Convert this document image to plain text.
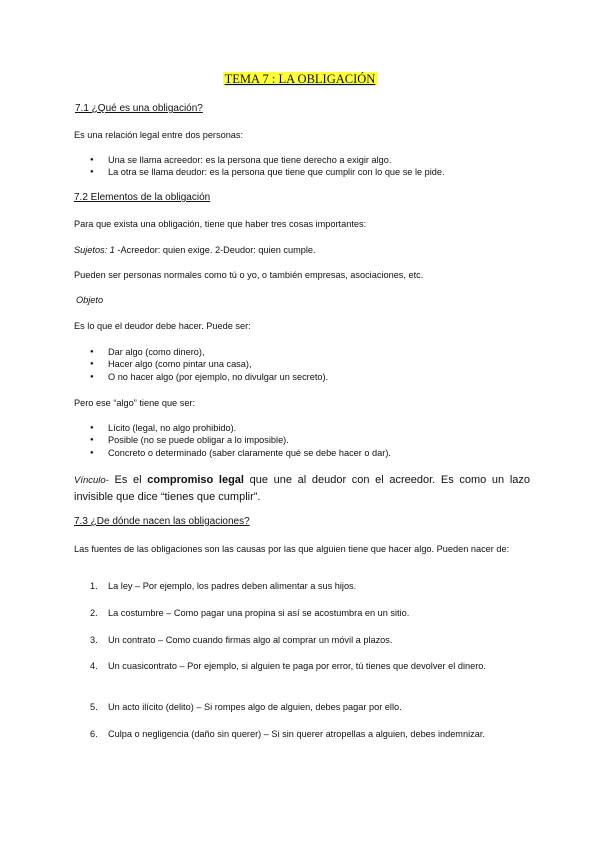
TEMA 7 : LA OBLIGACIÓN
7.1 ¿Qué es una obligación?
Es una relación legal entre dos personas:
● Una se llama acreedor: es la persona que tiene derecho a exigir algo.
● La otra se llama deudor: es la persona que tiene que cumplir con lo que se le pide.
7.2 Elementos de la obligación
Para que exista una obligación, tiene que haber tres cosas importantes:
Sujetos: 1 -Acreedor: quien exige. 2-Deudor: quien cumple.
Pueden ser personas normales como tú o yo, o también empresas, asociaciones, etc.
Objeto
Es lo que el deudor debe hacer. Puede ser:
● Dar algo (como dinero),
● Hacer algo (como pintar una casa),
● O no hacer algo (por ejemplo, no divulgar un secreto).
Pero ese “algo” tiene que ser:
● Lícito (legal, no algo prohibido).
● Posible (no se puede obligar a lo imposible).
● Concreto o determinado (saber claramente qué se debe hacer o dar).
Vínculo- Es el compromiso legal que une al deudor con el acreedor. Es como un lazo invisible que dice “tienes que cumplir”.
7.3 ¿De dónde nacen las obligaciones?
Las fuentes de las obligaciones son las causas por las que alguien tiene que hacer algo. Pueden nacer de:
1. La ley – Por ejemplo, los padres deben alimentar a sus hijos.
2. La costumbre – Como pagar una propina si así se acostumbra en un sitio.
3. Un contrato – Como cuando firmas algo al comprar un móvil a plazos.
4. Un cuasicontrato – Por ejemplo, si alguien te paga por error, tú tienes que devolver el dinero.
5. Un acto ilícito (delito) – Si rompes algo de alguien, debes pagar por ello.
6. Culpa o negligencia (daño sin querer) – Si sin querer atropellas a alguien, debes indemnizar.
